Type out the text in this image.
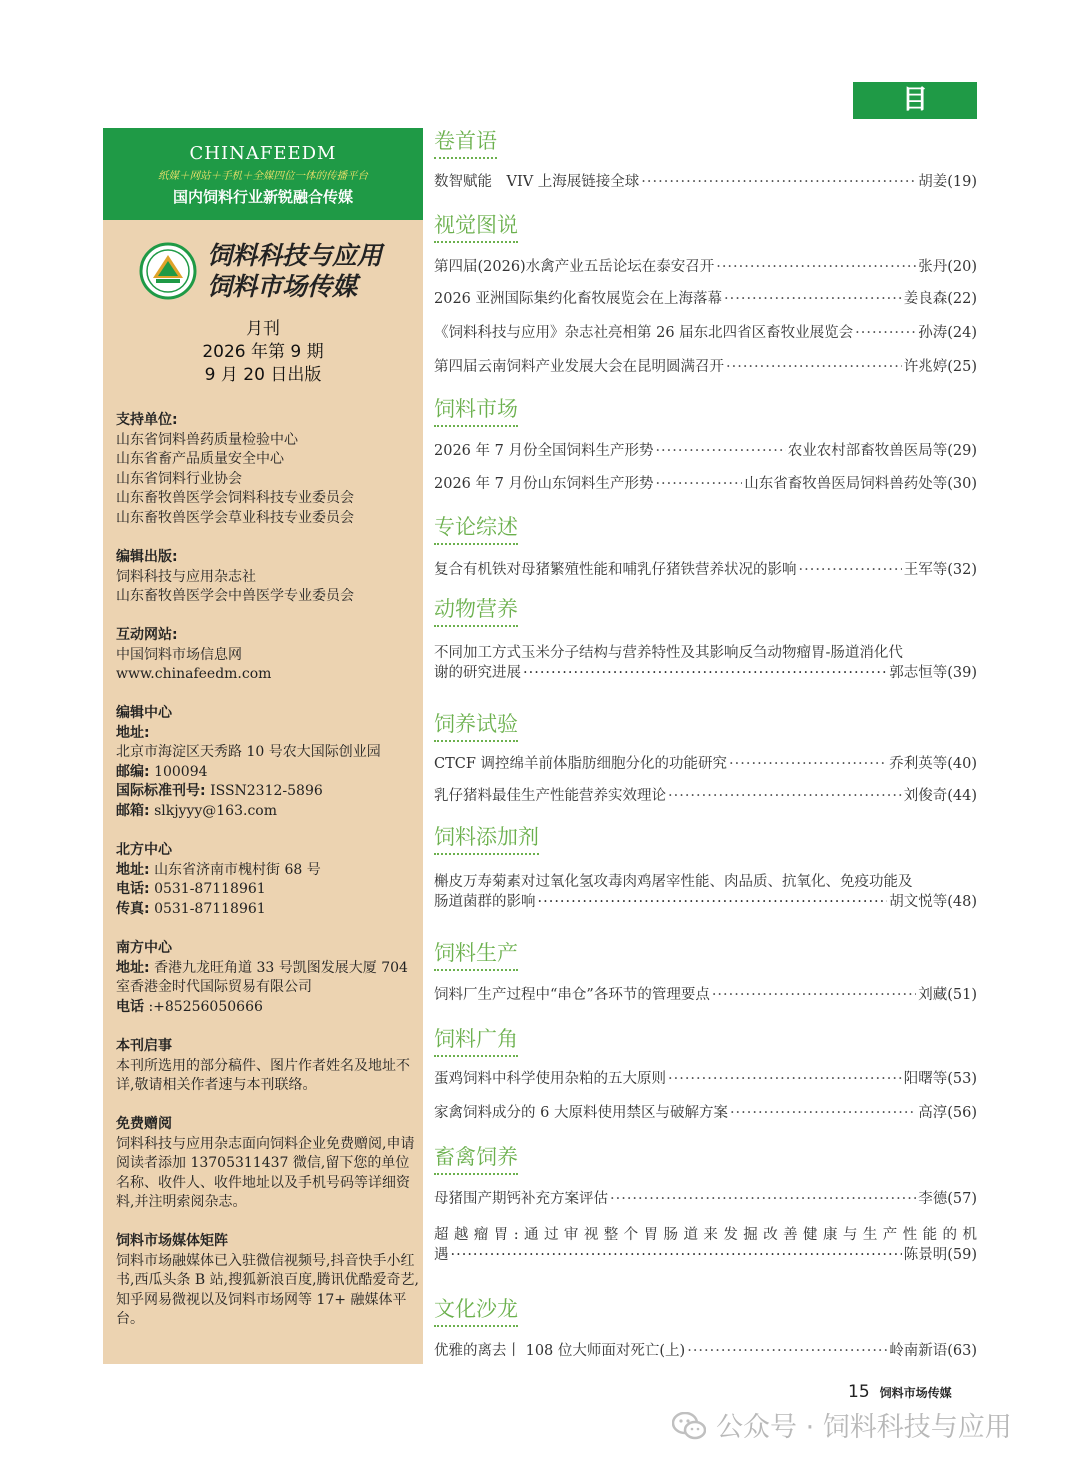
目 录
CHINAFEEDM
纸媒＋网站＋手机＋全媒四位一体的传播平台
国内饲料行业新锐融合传媒
饲料科技与应用
饲料市场传媒
月刊
2026 年第 9 期
9 月 20 日出版
支持单位:
山东省饲料兽药质量检验中心
山东省畜产品质量安全中心
山东省饲料行业协会
山东畜牧兽医学会饲料科技专业委员会
山东畜牧兽医学会草业科技专业委员会
编辑出版:
饲料科技与应用杂志社
山东畜牧兽医学会中兽医学专业委员会
互动网站:
中国饲料市场信息网
www.chinafeedm.com
编辑中心
地址:
北京市海淀区天秀路 10 号农大国际创业园
邮编: 100094
国际标准刊号: ISSN2312-5896
邮箱: slkjyyy@163.com
北方中心
地址: 山东省济南市槐村街 68 号
电话: 0531-87118961
传真: 0531-87118961
南方中心
地址: 香港九龙旺角道 33 号凯图发展大厦 704 室香港金时代国际贸易有限公司
电话 :+85256050666
本刊启事
本刊所选用的部分稿件、图片作者姓名及地址不详,敬请相关作者速与本刊联络。
免费赠阅
饲料科技与应用杂志面向饲料企业免费赠阅,申请阅读者添加 13705311437 微信,留下您的单位名称、收件人、收件地址以及手机号码等详细资料,并注明索阅杂志。
饲料市场媒体矩阵
饲料市场融媒体已入驻微信视频号,抖音快手小红书,西瓜头条 B 站,搜狐新浪百度,腾讯优酷爱奇艺,知乎网易微视以及饲料市场网等 17+ 融媒体平台。
卷首语
数智赋能　VIV 上海展链接全球 ·····	胡姜(19)
视觉图说
第四届(2026)水禽产业五岳论坛在泰安召开 ·····	张丹(20)
2026 亚洲国际集约化畜牧展览会在上海落幕 ·····	姜良森(22)
《饲料科技与应用》杂志社亮相第 26 届东北四省区畜牧业展览会 ·····	孙涛(24)
第四届云南饲料产业发展大会在昆明圆满召开 ·····	许兆婷(25)
饲料市场
2026 年 7 月份全国饲料生产形势 ·····	农业农村部畜牧兽医局等(29)
2026 年 7 月份山东饲料生产形势 ·····	山东省畜牧兽医局饲料兽药处等(30)
专论综述
复合有机铁对母猪繁殖性能和哺乳仔猪铁营养状况的影响 ·····	王军等(32)
动物营养
不同加工方式玉米分子结构与营养特性及其影响反刍动物瘤胃-肠道消化代
谢的研究进展 ·····	郭志恒等(39)
饲养试验
CTCF 调控绵羊前体脂肪细胞分化的功能研究 ·····	乔利英等(40)
乳仔猪料最佳生产性能营养实效理论 ·····	刘俊奇(44)
饲料添加剂
槲皮万寿菊素对过氧化氢攻毒肉鸡屠宰性能、肉品质、抗氧化、免疫功能及
肠道菌群的影响 ·····	胡文悦等(48)
饲料生产
饲料厂生产过程中“串仓”各环节的管理要点 ·····	刘藏(51)
饲料广角
蛋鸡饲料中科学使用杂粕的五大原则 ·····	阳曙等(53)
家禽饲料成分的 6 大原料使用禁区与破解方案 ·····	高淳(56)
畜禽饲养
母猪围产期钙补充方案评估 ·····	李德(57)
超越瘤胃:通过审视整个胃肠道来发掘改善健康与生产性能的机
遇 ·····	陈景明(59)
文化沙龙
优雅的离去丨 108 位大师面对死亡(上) ·····	岭南新语(63)
15 饲料市场传媒
公众号 · 饲料科技与应用
